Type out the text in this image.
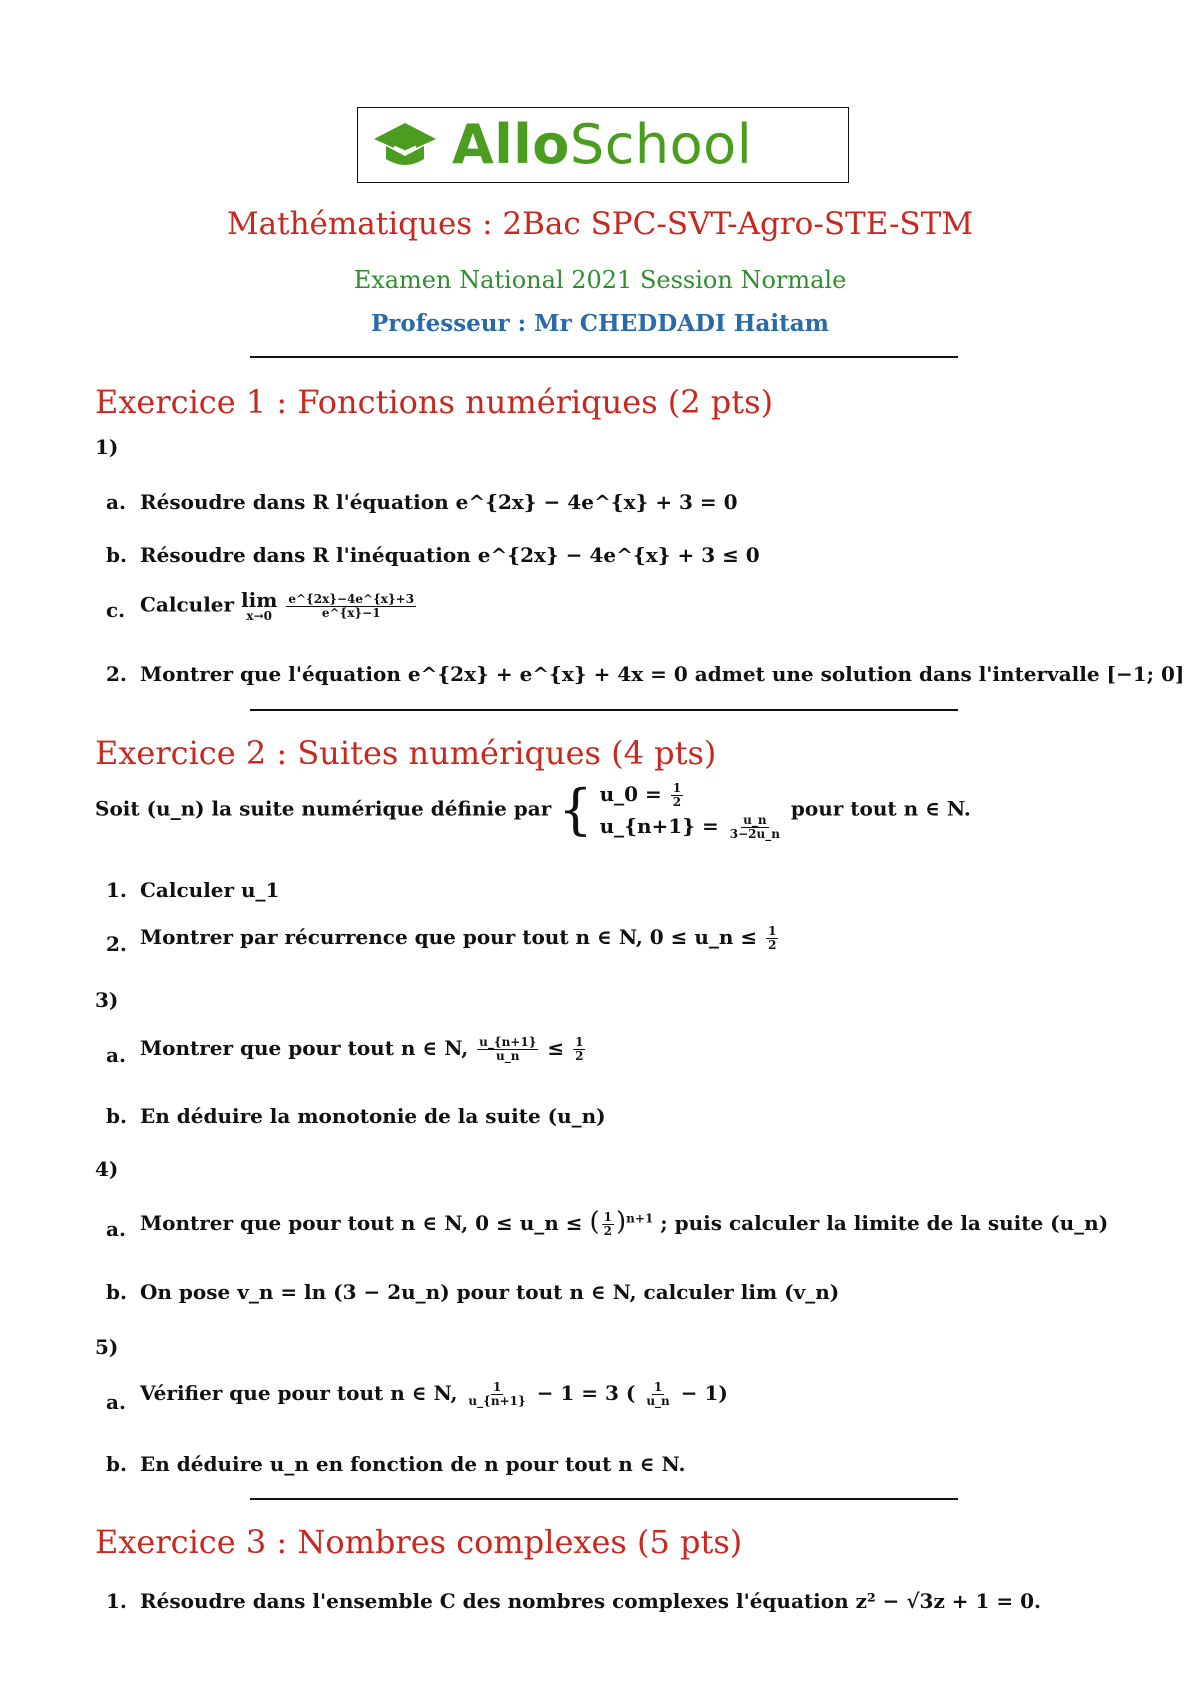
AlloSchool
Mathématiques : 2Bac SPC-SVT-Agro-STE-STM
Examen National 2021 Session Normale
Professeur : Mr CHEDDADI Haitam
Exercice 1 : Fonctions numériques (2 pts)
1)
a. Résoudre dans R l'équation e^{2x} − 4e^{x} + 3 = 0
b. Résoudre dans R l'inéquation e^{2x} − 4e^{x} + 3 ≤ 0
c. Calculer lim
x→0
$\frac{e\^{}\{2x\}-4e\^{}\{x\}+3}{e\^{}\{x\}-1}$
2. Montrer que l'équation e^{2x} + e^{x} + 4x = 0 admet une solution dans l'intervalle [−1; 0]
Exercice 2 : Suites numériques (4 pts)
Soit (u_n) la suite numérique définie par { u_0 = $\frac{1}{2}$
u_{n+1} = $\frac{u\_n}{3-2u\_n}$
pour tout n ∈ N.
1. Calculer u_1
2. Montrer par récurrence que pour tout n ∈ N, 0 ≤ u_n ≤ $\frac{1}{2}$
3)
a. Montrer que pour tout n ∈ N, $\frac{u\_\{n+1\}}{u\_n} \le \frac{1}{2}$
b. En déduire la monotonie de la suite (u_n)
4)
a. Montrer que pour tout n ∈ N, 0 ≤ u_n ≤ ( $\frac{1}{2} )^{n+1}$ ; puis calculer la limite de la suite (u_n)
b. On pose v_n = ln (3 − 2u_n) pour tout n ∈ N, calculer lim (v_n)
5)
a. Vérifier que pour tout n ∈ N, $\frac{1}{u\_\{n+1\}} - 1 = 3$ ( $\frac{1}{u\_n} - 1$)
b. En déduire u_n en fonction de n pour tout n ∈ N.
Exercice 3 : Nombres complexes (5 pts)
1. Résoudre dans l'ensemble C des nombres complexes l'équation z² − √3z + 1 = 0.
